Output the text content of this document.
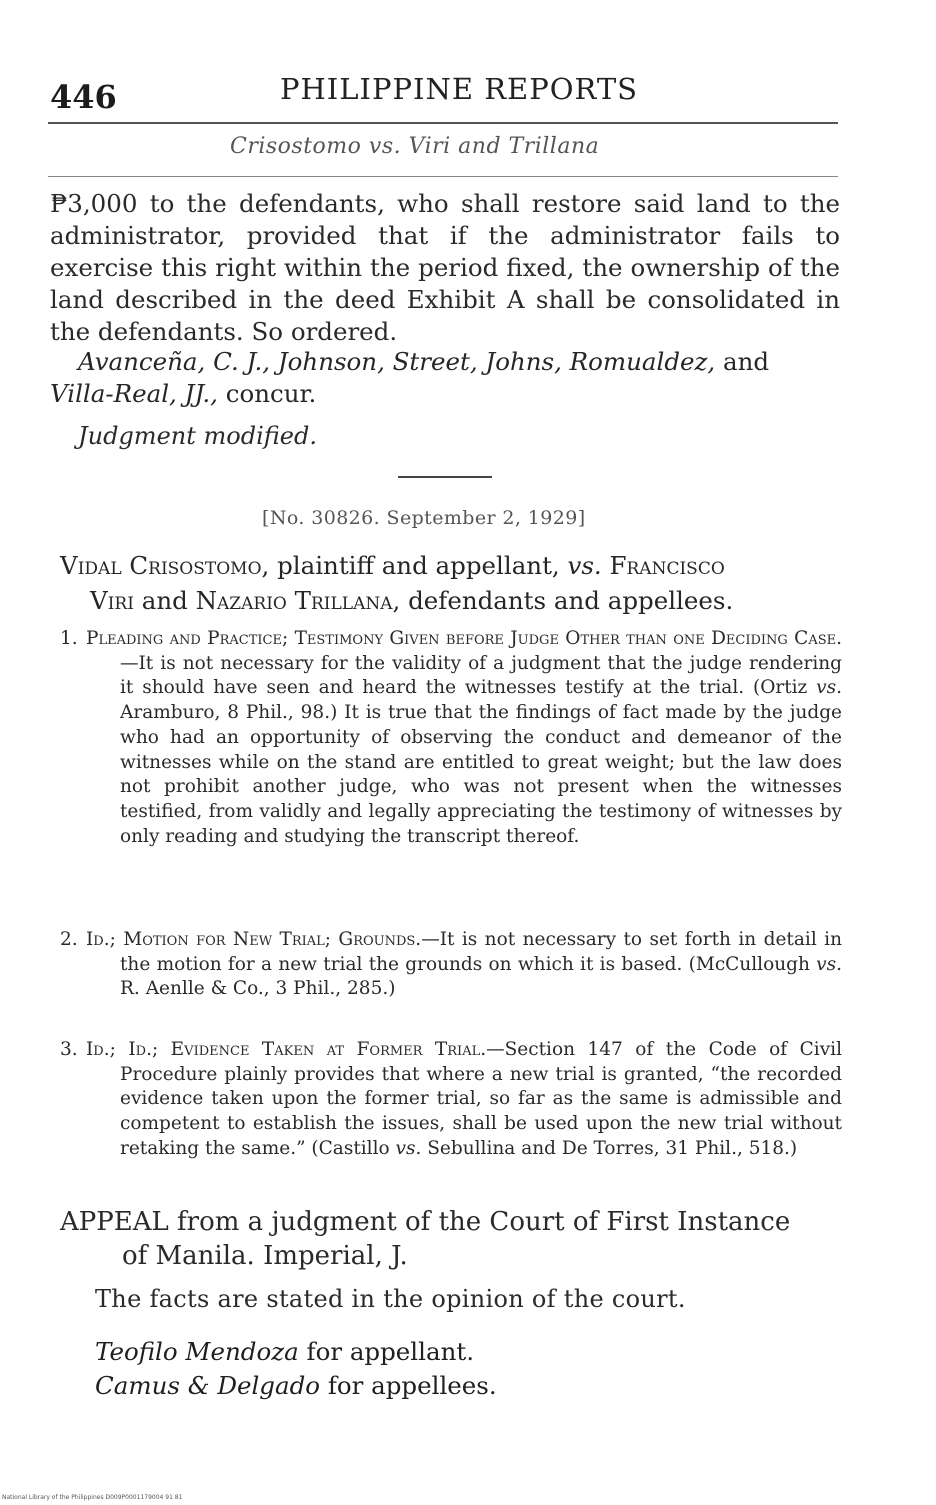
446	PHILIPPINE REPORTS
Crisostomo vs. Viri and Trillana
₱3,000 to the defendants, who shall restore said land to the administrator, provided that if the administrator fails to exercise this right within the period fixed, the ownership of the land described in the deed Exhibit A shall be consolidated in the defendants. So ordered.
Avanceña, C. J., Johnson, Street, Johns, Romualdez, and Villa-Real, JJ., concur.
Judgment modified.
[No. 30826. September 2, 1929]
Vidal Crisostomo, plaintiff and appellant, vs. Francisco
Viri and Nazario Trillana, defendants and appellees.
1. Pleading and Practice; Testimony Given before Judge Other than one Deciding Case.—It is not necessary for the validity of a judgment that the judge rendering it should have seen and heard the witnesses testify at the trial. (Ortiz vs. Aramburo, 8 Phil., 98.) It is true that the findings of fact made by the judge who had an opportunity of observing the conduct and demeanor of the witnesses while on the stand are entitled to great weight; but the law does not prohibit another judge, who was not present when the witnesses testified, from validly and legally appreciating the testimony of witnesses by only reading and studying the transcript thereof.
2. Id.; Motion for New Trial; Grounds.—It is not necessary to set forth in detail in the motion for a new trial the grounds on which it is based. (McCullough vs. R. Aenlle & Co., 3 Phil., 285.)
3. Id.; Id.; Evidence Taken at Former Trial.—Section 147 of the Code of Civil Procedure plainly provides that where a new trial is granted, “the recorded evidence taken upon the former trial, so far as the same is admissible and competent to establish the issues, shall be used upon the new trial without retaking the same.” (Castillo vs. Sebullina and De Torres, 31 Phil., 518.)
APPEAL from a judgment of the Court of First Instance
of Manila. Imperial, J.
The facts are stated in the opinion of the court.
Teofilo Mendoza for appellant.
Camus & Delgado for appellees.
National Library of the Philippines D009P0001179004 91 81
